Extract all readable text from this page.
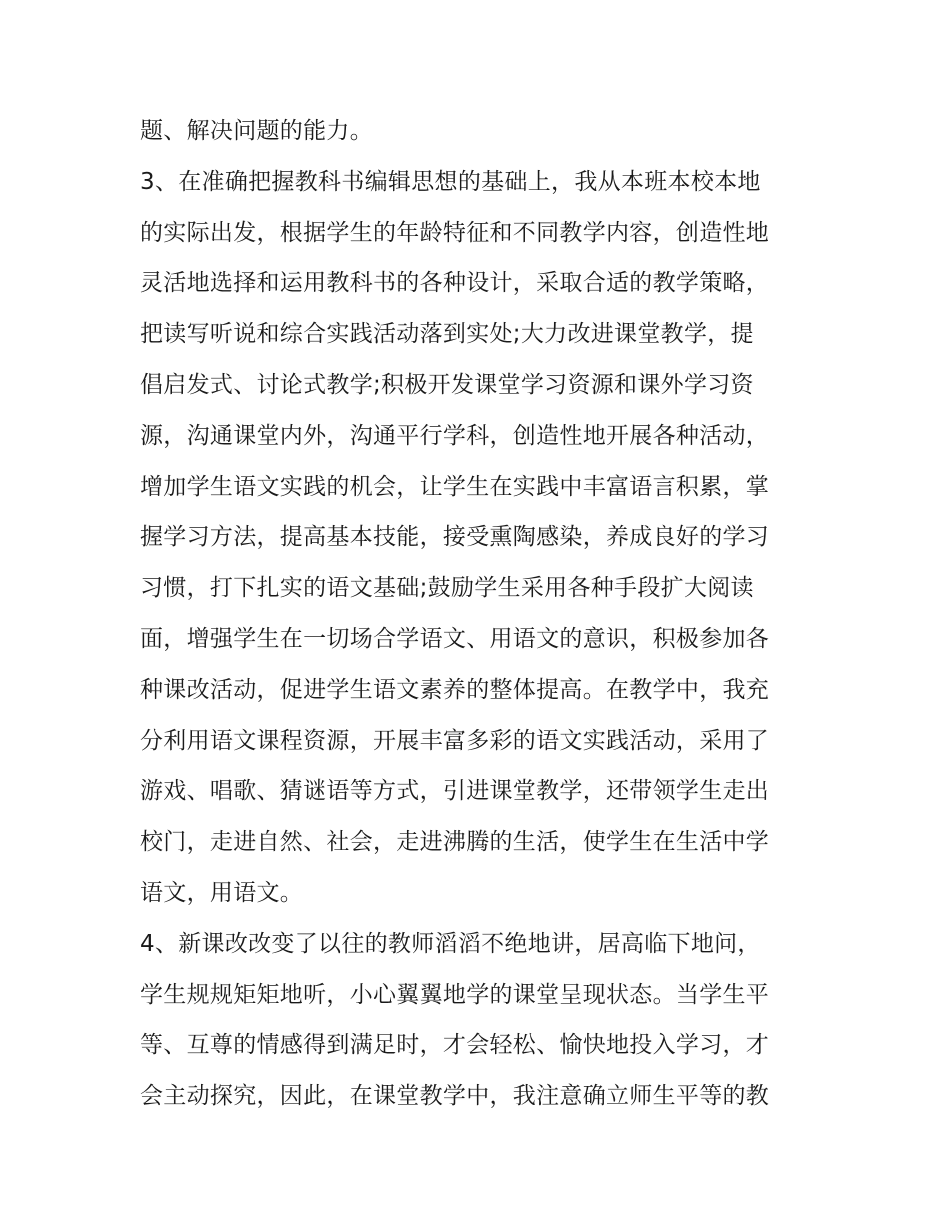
题、解决问题的能力。
3、在准确把握教科书编辑思想的基础上，我从本班本校本地
的实际出发，根据学生的年龄特征和不同教学内容，创造性地
灵活地选择和运用教科书的各种设计，采取合适的教学策略，
把读写听说和综合实践活动落到实处;大力改进课堂教学，提
倡启发式、讨论式教学;积极开发课堂学习资源和课外学习资
源，沟通课堂内外，沟通平行学科，创造性地开展各种活动，
增加学生语文实践的机会，让学生在实践中丰富语言积累，掌
握学习方法，提高基本技能，接受熏陶感染，养成良好的学习
习惯，打下扎实的语文基础;鼓励学生采用各种手段扩大阅读
面，增强学生在一切场合学语文、用语文的意识，积极参加各
种课改活动，促进学生语文素养的整体提高。在教学中，我充
分利用语文课程资源，开展丰富多彩的语文实践活动，采用了
游戏、唱歌、猜谜语等方式，引进课堂教学，还带领学生走出
校门，走进自然、社会，走进沸腾的生活，使学生在生活中学
语文，用语文。
4、新课改改变了以往的教师滔滔不绝地讲，居高临下地问，
学生规规矩矩地听，小心翼翼地学的课堂呈现状态。当学生平
等、互尊的情感得到满足时，才会轻松、愉快地投入学习，才
会主动探究，因此，在课堂教学中，我注意确立师生平等的教
